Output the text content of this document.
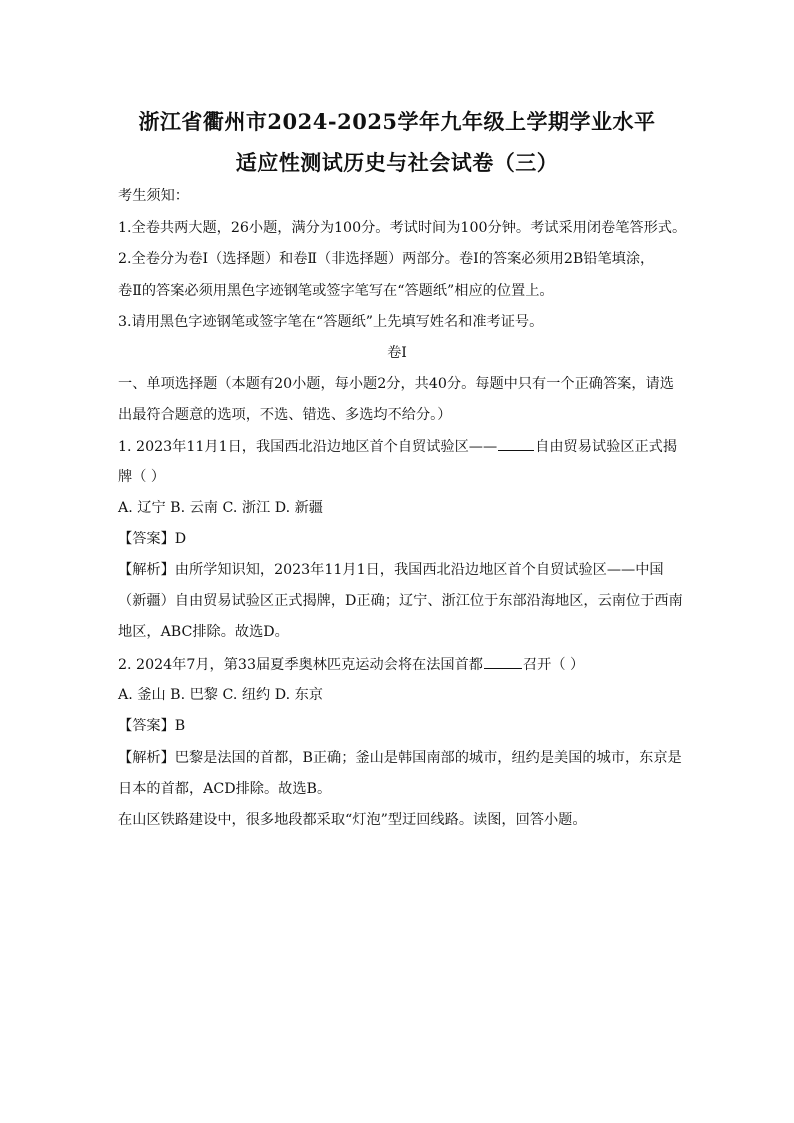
浙江省衢州市2024-2025学年九年级上学期学业水平
适应性测试历史与社会试卷（三）
考生须知：
1.全卷共两大题，26小题，满分为100分。考试时间为100分钟。考试采用闭卷笔答形式。
2.全卷分为卷Ⅰ（选择题）和卷Ⅱ（非选择题）两部分。卷Ⅰ的答案必须用2B铅笔填涂，
卷Ⅱ的答案必须用黑色字迹钢笔或签字笔写在“答题纸”相应的位置上。
3.请用黑色字迹钢笔或签字笔在“答题纸”上先填写姓名和准考证号。
卷Ⅰ
一、单项选择题（本题有20小题，每小题2分，共40分。每题中只有一个正确答案，请选
出最符合题意的选项，不选、错选、多选均不给分。）
1. 2023年11月1日，我国西北沿边地区首个自贸试验区——	自由贸易试验区正式揭
牌（ ）
A. 辽宁 B. 云南 C. 浙江 D. 新疆
【答案】D
【解析】由所学知识知，2023年11月1日，我国西北沿边地区首个自贸试验区——中国
（新疆）自由贸易试验区正式揭牌，D正确；辽宁、浙江位于东部沿海地区，云南位于西南
地区，ABC排除。故选D。
2. 2024年7月，第33届夏季奥林匹克运动会将在法国首都	召开（ ）
A. 釜山 B. 巴黎 C. 纽约 D. 东京
【答案】B
【解析】巴黎是法国的首都，B正确；釜山是韩国南部的城市，纽约是美国的城市，东京是
日本的首都，ACD排除。故选B。
在山区铁路建设中，很多地段都采取“灯泡”型迂回线路。读图，回答小题。
